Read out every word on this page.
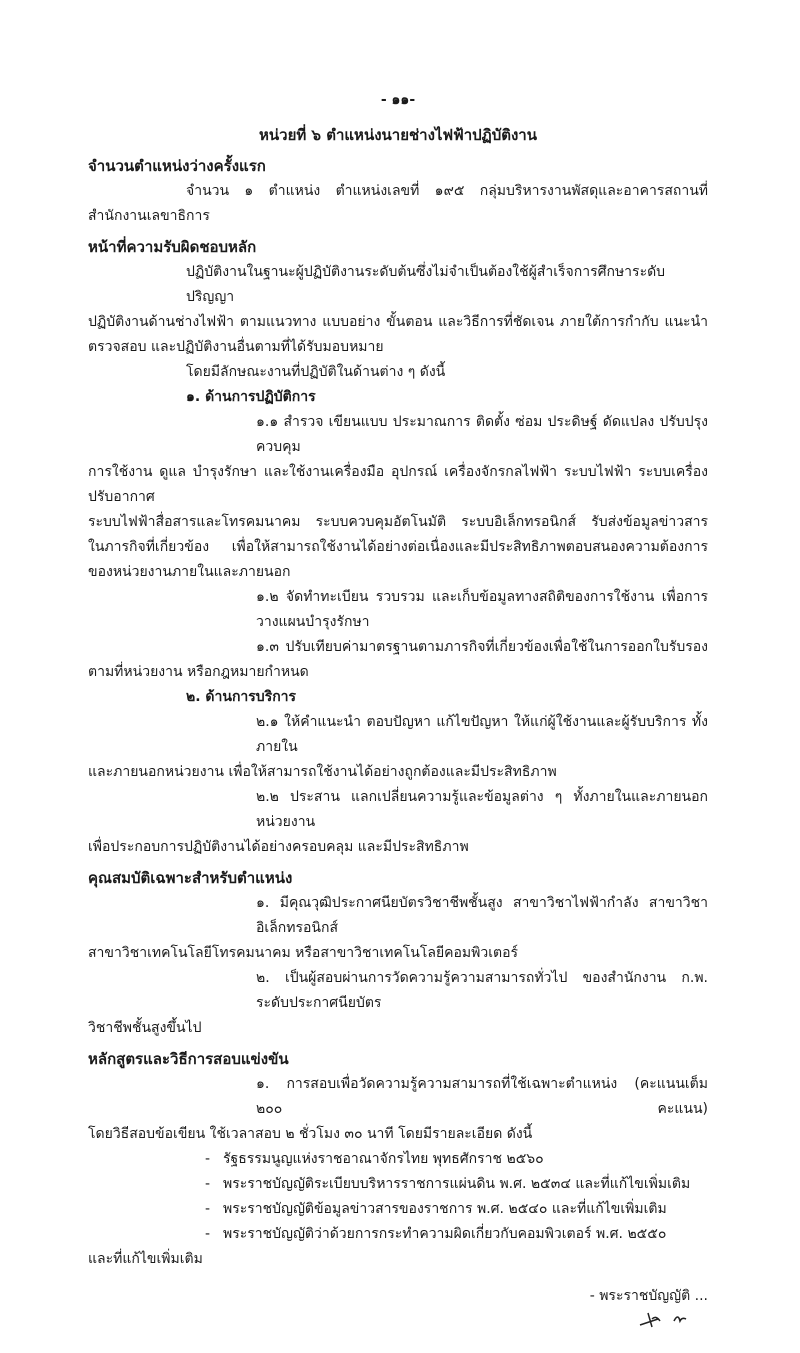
- ๑๑-
หน่วยที่ ๖ ตำแหน่งนายช่างไฟฟ้าปฏิบัติงาน
จำนวนตำแหน่งว่างครั้งแรก
จำนวน ๑ ตำแหน่ง ตำแหน่งเลขที่ ๑๙๕ กลุ่มบริหารงานพัสดุและอาคารสถานที่
สำนักงานเลขาธิการ
หน้าที่ความรับผิดชอบหลัก
ปฏิบัติงานในฐานะผู้ปฏิบัติงานระดับต้นซึ่งไม่จำเป็นต้องใช้ผู้สำเร็จการศึกษาระดับปริญญา
ปฏิบัติงานด้านช่างไฟฟ้า ตามแนวทาง แบบอย่าง ขั้นตอน และวิธีการที่ชัดเจน ภายใต้การกำกับ แนะนำ
ตรวจสอบ และปฏิบัติงานอื่นตามที่ได้รับมอบหมาย
โดยมีลักษณะงานที่ปฏิบัติในด้านต่าง ๆ ดังนี้
๑. ด้านการปฏิบัติการ
๑.๑ สำรวจ เขียนแบบ ประมาณการ ติดตั้ง ซ่อม ประดิษฐ์ ดัดแปลง ปรับปรุง ควบคุม
การใช้งาน ดูแล บำรุงรักษา และใช้งานเครื่องมือ อุปกรณ์ เครื่องจักรกลไฟฟ้า ระบบไฟฟ้า ระบบเครื่องปรับอากาศ
ระบบไฟฟ้าสื่อสารและโทรคมนาคม ระบบควบคุมอัตโนมัติ ระบบอิเล็กทรอนิกส์ รับส่งข้อมูลข่าวสาร
ในภารกิจที่เกี่ยวข้อง เพื่อให้สามารถใช้งานได้อย่างต่อเนื่องและมีประสิทธิภาพตอบสนองความต้องการ
ของหน่วยงานภายในและภายนอก
๑.๒ จัดทำทะเบียน รวบรวม และเก็บข้อมูลทางสถิติของการใช้งาน เพื่อการวางแผนบำรุงรักษา
๑.๓ ปรับเทียบค่ามาตรฐานตามภารกิจที่เกี่ยวข้องเพื่อใช้ในการออกใบรับรอง
ตามที่หน่วยงาน หรือกฎหมายกำหนด
๒. ด้านการบริการ
๒.๑ ให้คำแนะนำ ตอบปัญหา แก้ไขปัญหา ให้แก่ผู้ใช้งานและผู้รับบริการ ทั้งภายใน
และภายนอกหน่วยงาน เพื่อให้สามารถใช้งานได้อย่างถูกต้องและมีประสิทธิภาพ
๒.๒ ประสาน แลกเปลี่ยนความรู้และข้อมูลต่าง ๆ ทั้งภายในและภายนอกหน่วยงาน
เพื่อประกอบการปฏิบัติงานได้อย่างครอบคลุม และมีประสิทธิภาพ
คุณสมบัติเฉพาะสำหรับตำแหน่ง
๑. มีคุณวุฒิประกาศนียบัตรวิชาชีพชั้นสูง สาขาวิชาไฟฟ้ากำลัง สาขาวิชาอิเล็กทรอนิกส์
สาขาวิชาเทคโนโลยีโทรคมนาคม หรือสาขาวิชาเทคโนโลยีคอมพิวเตอร์
๒. เป็นผู้สอบผ่านการวัดความรู้ความสามารถทั่วไป ของสำนักงาน ก.พ. ระดับประกาศนียบัตร
วิชาชีพชั้นสูงขึ้นไป
หลักสูตรและวิธีการสอบแข่งขัน
๑. การสอบเพื่อวัดความรู้ความสามารถที่ใช้เฉพาะตำแหน่ง (คะแนนเต็ม ๒๐๐ คะแนน)
โดยวิธีสอบข้อเขียน ใช้เวลาสอบ ๒ ชั่วโมง ๓๐ นาที โดยมีรายละเอียด ดังนี้
- รัฐธรรมนูญแห่งราชอาณาจักรไทย พุทธศักราช ๒๕๖๐
- พระราชบัญญัติระเบียบบริหารราชการแผ่นดิน พ.ศ. ๒๕๓๔ และที่แก้ไขเพิ่มเติม
- พระราชบัญญัติข้อมูลข่าวสารของราชการ พ.ศ. ๒๕๔๐ และที่แก้ไขเพิ่มเติม
- พระราชบัญญัติว่าด้วยการกระทำความผิดเกี่ยวกับคอมพิวเตอร์ พ.ศ. ๒๕๕๐
และที่แก้ไขเพิ่มเติม
- พระราชบัญญัติ ...
